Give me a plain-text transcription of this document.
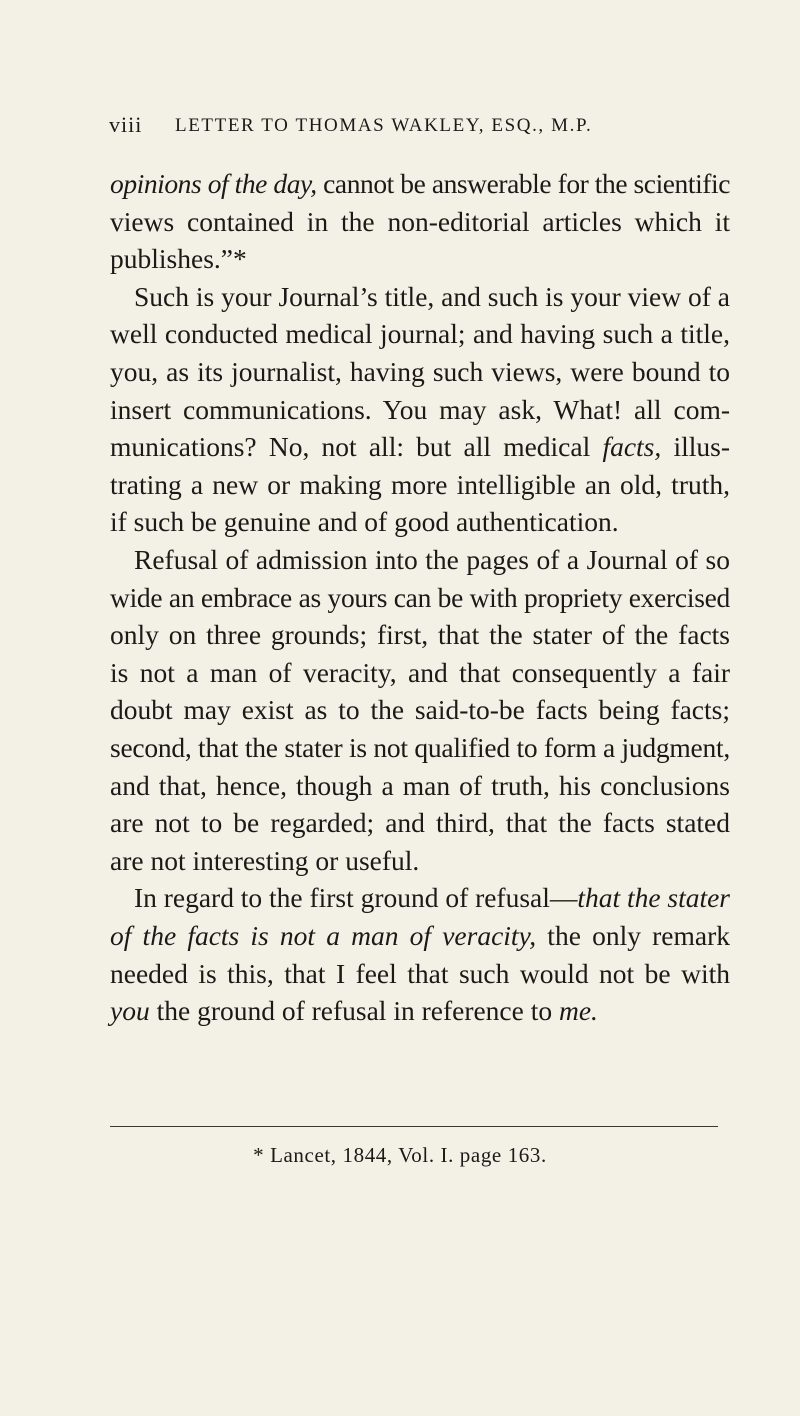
viii LETTER TO THOMAS WAKLEY, ESQ., M.P.
opinions of the day, cannot be answerable for the scientific
views contained in the non-editorial articles which it
publishes.”*
Such is your Journal’s title, and such is your view of a
well conducted medical journal; and having such a title,
you, as its journalist, having such views, were bound to
insert communications. You may ask, What! all com-
munications? No, not all: but all medical facts, illus-
trating a new or making more intelligible an old, truth,
if such be genuine and of good authentication.
Refusal of admission into the pages of a Journal of so
wide an embrace as yours can be with propriety exercised
only on three grounds; first, that the stater of the facts
is not a man of veracity, and that consequently a fair
doubt may exist as to the said-to-be facts being facts;
second, that the stater is not qualified to form a judgment,
and that, hence, though a man of truth, his conclusions
are not to be regarded; and third, that the facts stated
are not interesting or useful.
In regard to the first ground of refusal—that the stater
of the facts is not a man of veracity, the only remark
needed is this, that I feel that such would not be with
you the ground of refusal in reference to me.
* Lancet, 1844, Vol. I. page 163.
